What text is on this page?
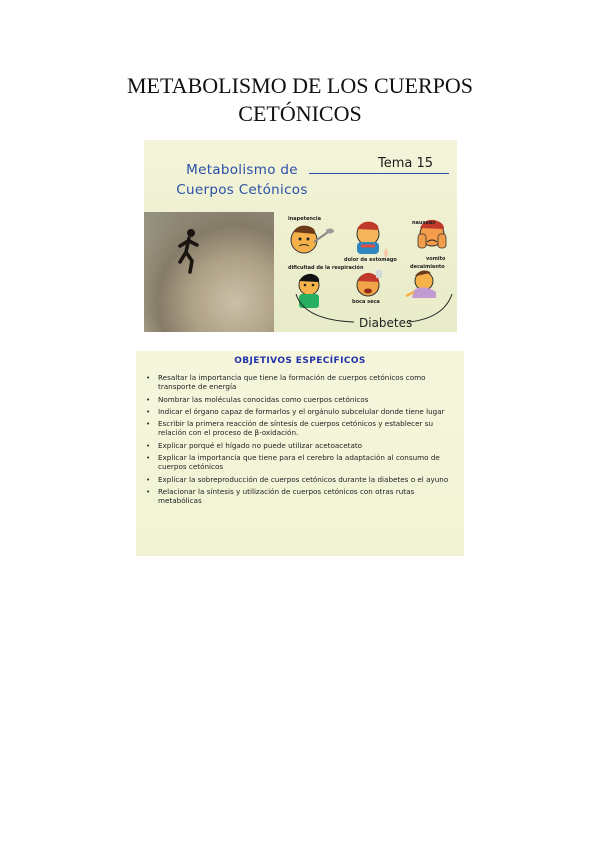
METABOLISMO DE LOS CUERPOS
CETÓNICOS
Metabolismo de
Cuerpos Cetónicos
Tema 15
inapetencia
dolor de estomago
nauseas
vomito
dificultad de la respiración
boca seca
decaimiento
Diabetes
OBJETIVOS ESPECÍFICOS
• Resaltar la importancia que tiene la formación de cuerpos cetónicos como transporte de energía
• Nombrar las moléculas conocidas como cuerpos cetónicos
• Indicar el órgano capaz de formarlos y el orgánulo subcelular donde tiene lugar
• Escribir la primera reacción de síntesis de cuerpos cetónicos y establecer su relación con el proceso de β-oxidación.
• Explicar porqué el hígado no puede utilizar acetoacetato
• Explicar la importancia que tiene para el cerebro la adaptación al consumo de cuerpos cetónicos
• Explicar la sobreproducción de cuerpos cetónicos durante la diabetes o el ayuno
• Relacionar la síntesis y utilización de cuerpos cetónicos con otras rutas metabólicas
